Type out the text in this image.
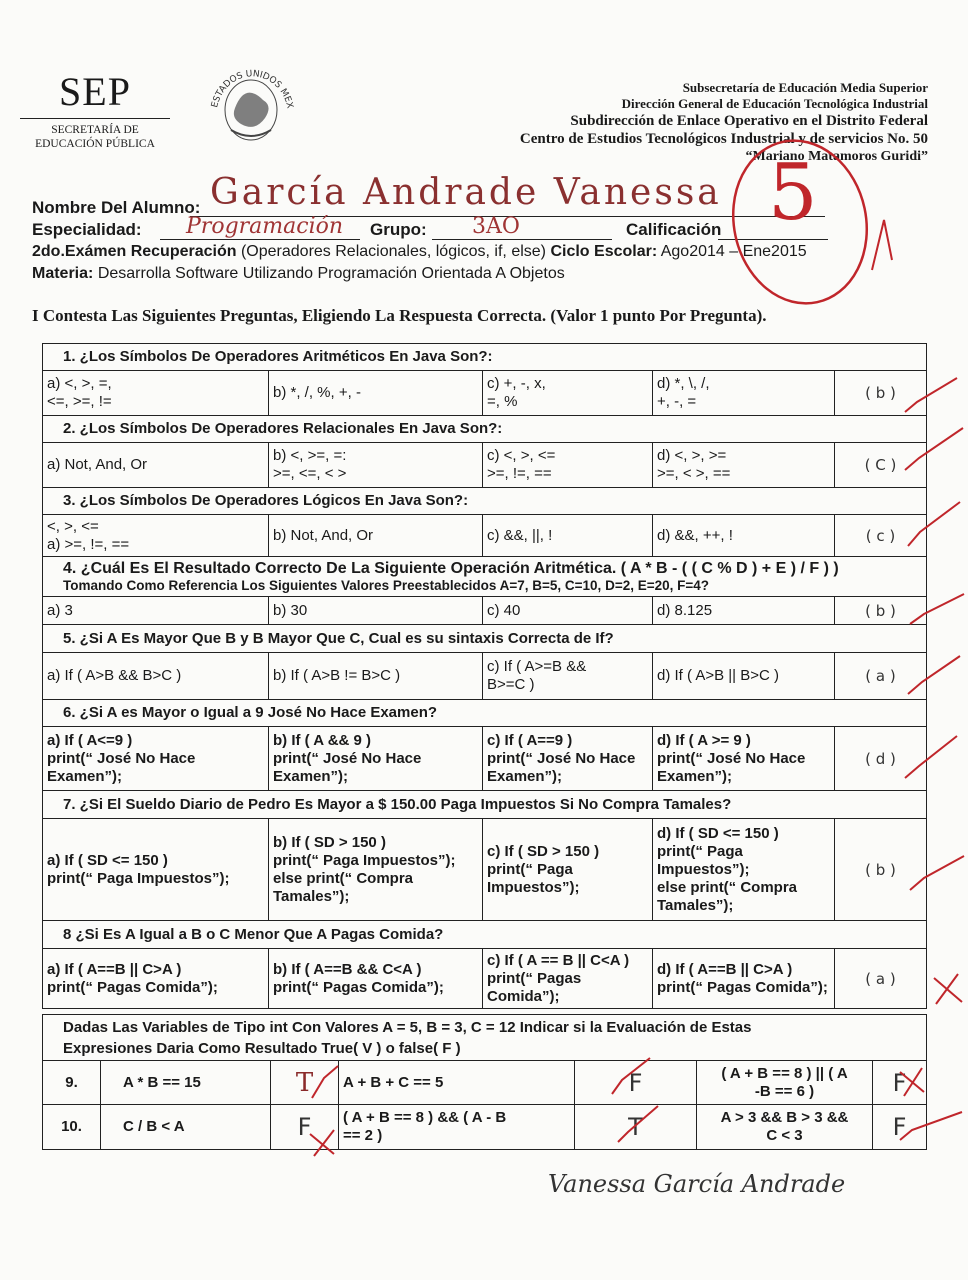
SEP
SECRETARÍA DE
EDUCACIÓN PÚBLICA
ESTADOS UNIDOS MEX
Subsecretaría de Educación Media Superior
Dirección General de Educación Tecnológica Industrial
Subdirección de Enlace Operativo en el Distrito Federal
Centro de Estudios Tecnológicos Industrial y de servicios No. 50
“Mariano Matamoros Guridi”
Nombre Del Alumno: García Andrade Vanessa
Especialidad: Programación Grupo: 3AO	Calificación
2do.Exámen Recuperación (Operadores Relacionales, lógicos, if, else) Ciclo Escolar: Ago2014 – Ene2015
Materia: Desarrolla Software Utilizando Programación Orientada A Objetos
5
I Contesta Las Siguientes Preguntas, Eligiendo La Respuesta Correcta. (Valor 1 punto Por Pregunta).
1. ¿Los Símbolos De Operadores Aritméticos En Java Son?:				
a) <, >, =,
<=, >=, !=	b) *, /, %, +, -	c) +, -, x,
=, %	d) *, \, /,
+, -, =	( b )
2. ¿Los Símbolos De Operadores Relacionales En Java Son?:				
a) Not, And, Or	b) <, >=, =:
>=, <=, < >	c) <, >, <=
>=, !=, ==	d) <, >, >=
>=, < >, ==	( C )
3. ¿Los Símbolos De Operadores Lógicos En Java Son?:				
<, >, <=
a) >=, !=, ==	b) Not, And, Or	c) &&, ||, !	d) &&, ++, !	( c )

4. ¿Cuál Es El Resultado Correcto De La Siguiente Operación Aritmética. ( A * B - ( ( C % D ) + E ) / F ) )
Tomando Como Referencia Los Siguientes Valores Preestablecidos A=7, B=5, C=10, D=2, E=20, F=4?				

a) 3	b) 30	c) 40	d) 8.125	( b )
5. ¿Si A Es Mayor Que B y B Mayor Que C, Cual es su sintaxis Correcta de If?				
a) If ( A>B && B>C )	b) If ( A>B != B>C )	c) If ( A>=B &&
B>=C )	d) If ( A>B || B>C )	( a )
6. ¿Si A es Mayor o Igual a 9 José No Hace Examen?				
a) If ( A<=9 )
print(“ José No Hace
Examen”);	b) If ( A && 9 )
print(“ José No Hace
Examen”);	c) If ( A==9 )
print(“ José No Hace
Examen”);	d) If ( A >= 9 )
print(“ José No Hace
Examen”);	( d )
7. ¿Si El Sueldo Diario de Pedro Es Mayor a $ 150.00 Paga Impuestos Si No Compra Tamales?				
a) If ( SD <= 150 )
print(“ Paga Impuestos”);	b) If ( SD > 150 )
print(“ Paga Impuestos”);
else print(“ Compra
Tamales”);	c) If ( SD > 150 )
print(“ Paga
Impuestos”);	d) If ( SD <= 150 )
print(“ Paga
Impuestos”);
else print(“ Compra
Tamales”);	( b )
8 ¿Si Es A Igual a B o C Menor Que A Pagas Comida?				
a) If ( A==B || C>A )
print(“ Pagas Comida”);	b) If ( A==B && C<A )
print(“ Pagas Comida”);	c) If ( A == B || C<A )
print(“ Pagas
Comida”);	d) If ( A==B || C>A )
print(“ Pagas Comida”);	( a )
Dadas Las Variables de Tipo int Con Valores A = 5, B = 3, C = 12 Indicar si la Evaluación de Estas
Expresiones Daria Como Resultado True( V ) o false( F )						
9.	A * B == 15	T	A + B + C == 5	F	( A + B == 8 ) || ( A
-B == 6 )	F
10.	C / B < A	F	( A + B == 8 ) && ( A - B
== 2 )	T	A > 3 && B > 3 &&
C < 3	F
Vanessa García Andrade
